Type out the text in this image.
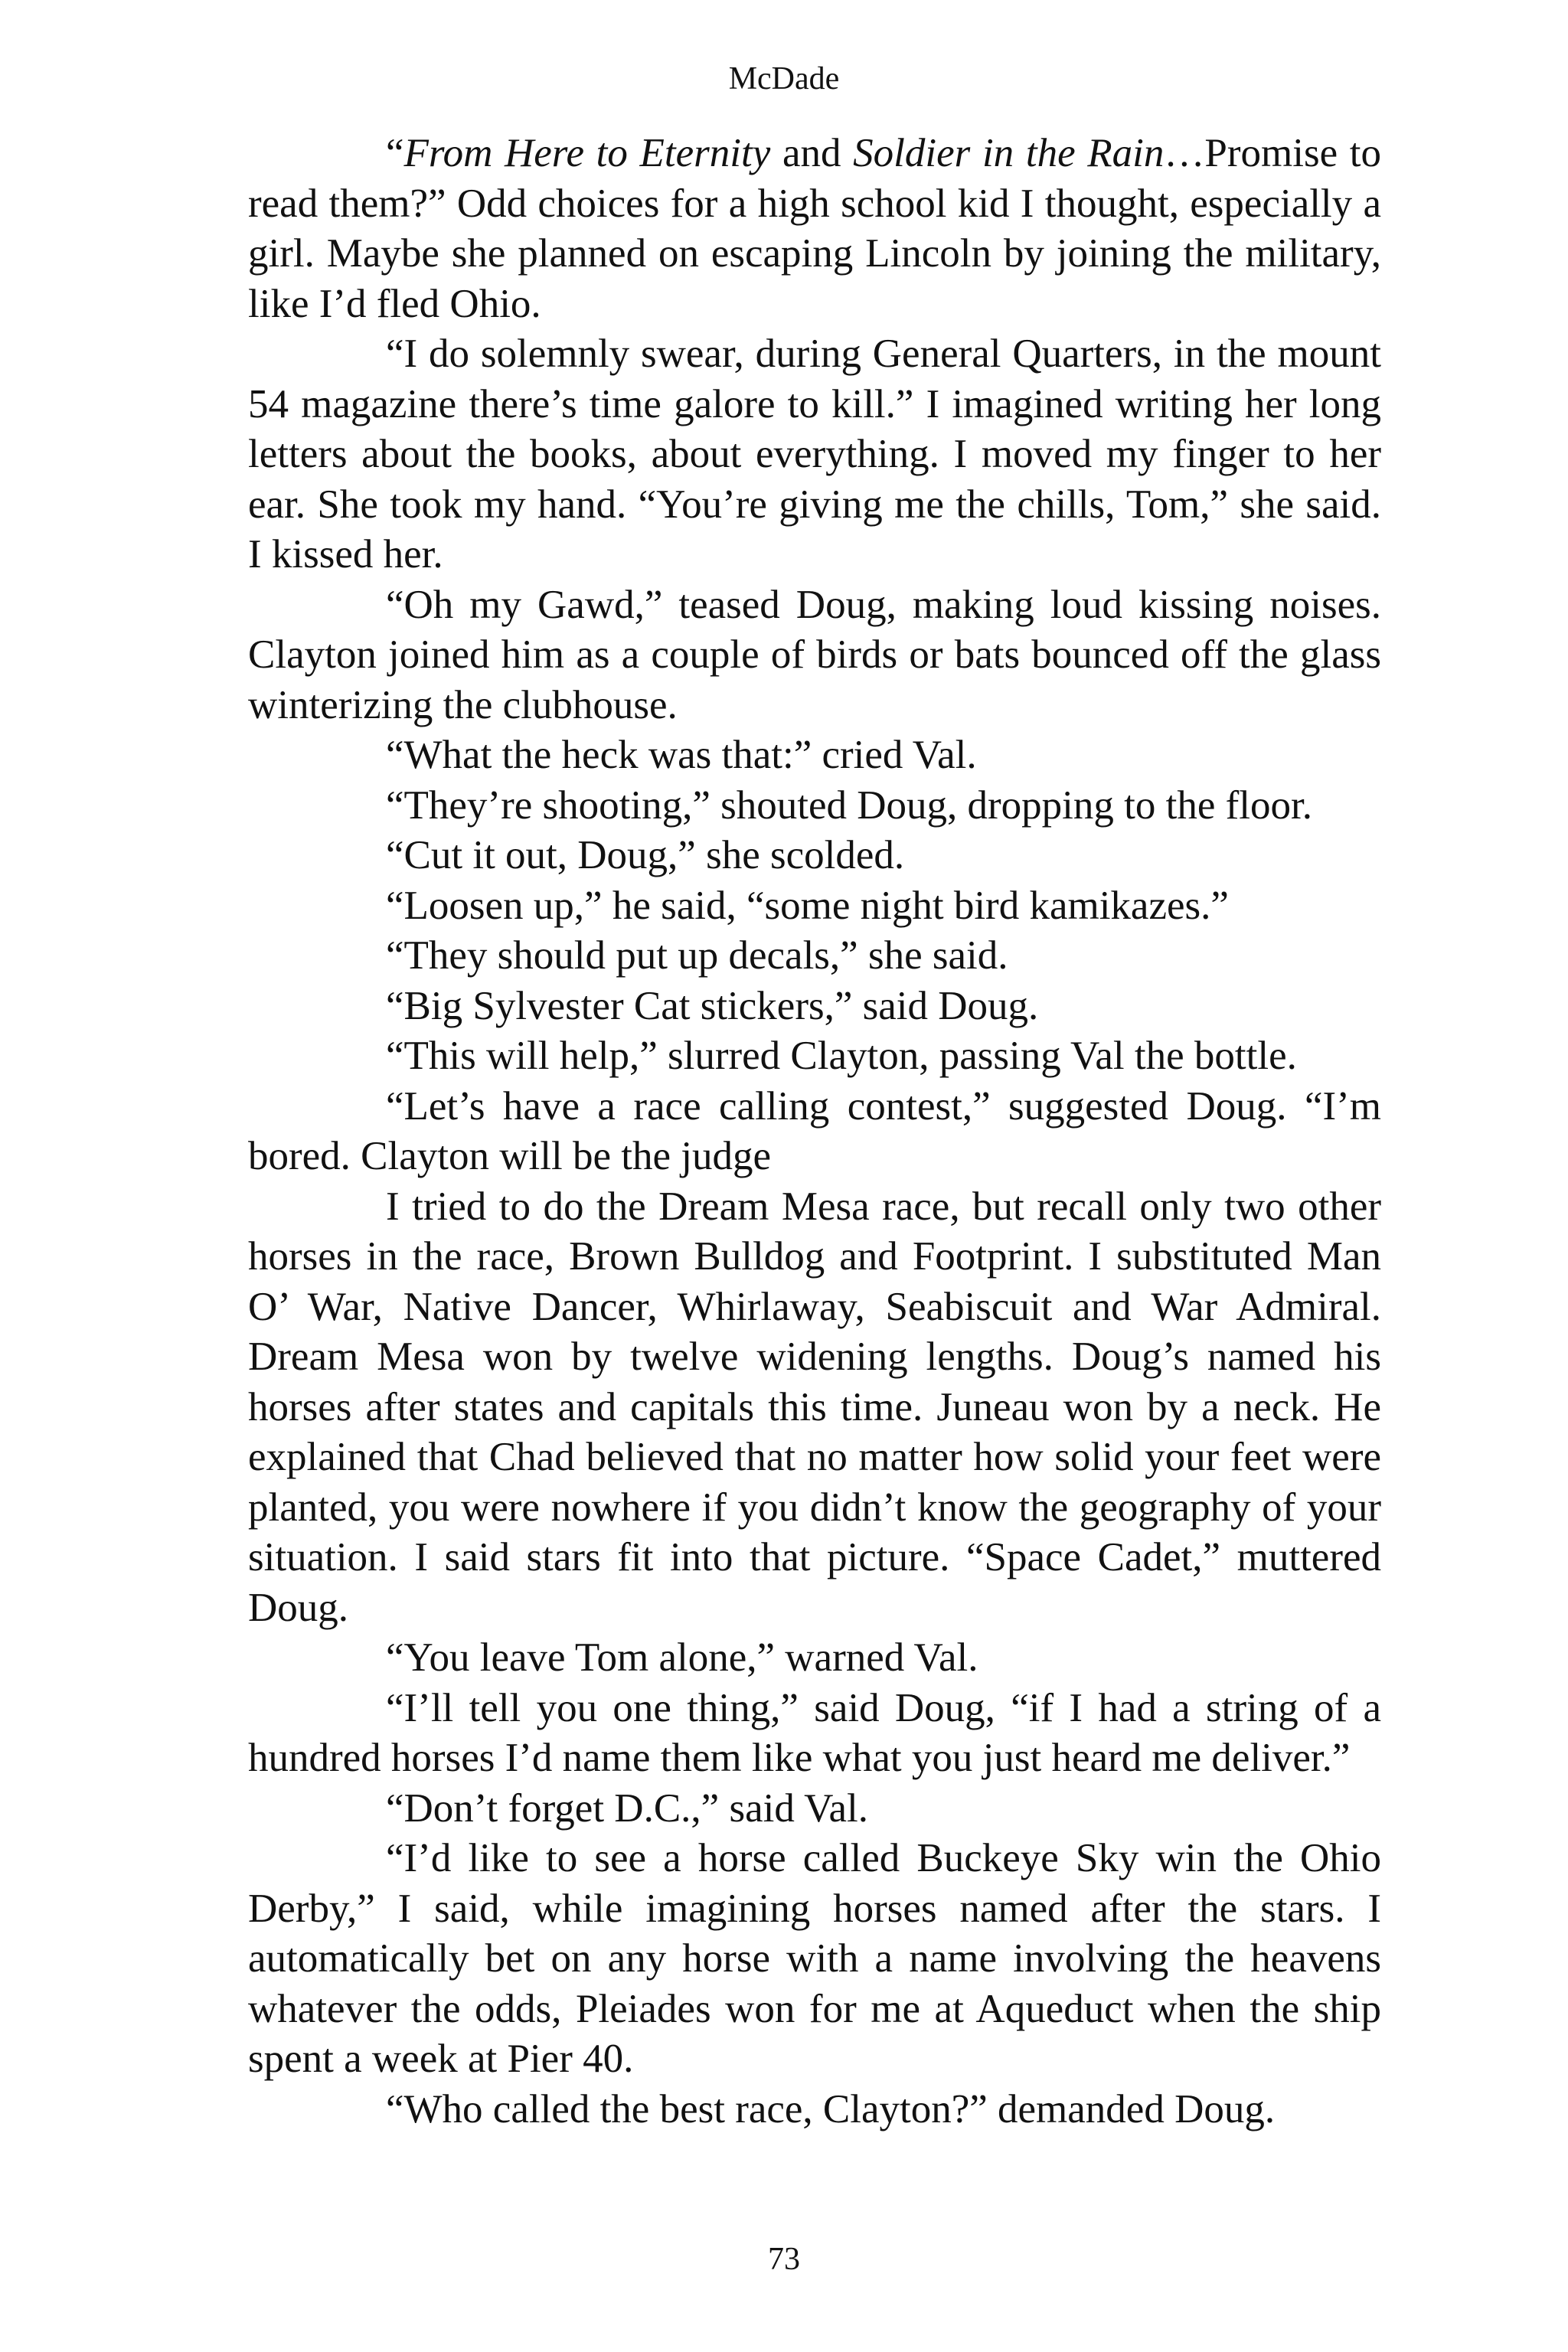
McDade

“From Here to Eternity and Soldier in the Rain…Promise to read them?” Odd choices for a high school kid I thought, especially a girl. Maybe she planned on escaping Lincoln by joining the military, like I’d fled Ohio.

“I do solemnly swear, during General Quarters, in the mount 54 magazine there’s time galore to kill.” I imagined writing her long letters about the books, about everything. I moved my finger to her ear. She took my hand. “You’re giving me the chills, Tom,” she said. I kissed her.

“Oh my Gawd,” teased Doug, making loud kissing noises. Clayton joined him as a couple of birds or bats bounced off the glass winterizing the clubhouse.

“What the heck was that:” cried Val.

“They’re shooting,” shouted Doug, dropping to the floor.

“Cut it out, Doug,” she scolded.

“Loosen up,” he said, “some night bird kamikazes.”

“They should put up decals,” she said.

“Big Sylvester Cat stickers,” said Doug.

“This will help,” slurred Clayton, passing Val the bottle.

“Let’s have a race calling contest,” suggested Doug. “I’m bored. Clayton will be the judge

I tried to do the Dream Mesa race, but recall only two other horses in the race, Brown Bulldog and Footprint. I substituted Man O’ War, Native Dancer, Whirlaway, Seabiscuit and War Admiral. Dream Mesa won by twelve widening lengths. Doug’s named his horses after states and capitals this time. Juneau won by a neck. He explained that Chad believed that no matter how solid your feet were planted, you were nowhere if you didn’t know the geography of your situation. I said stars fit into that picture. “Space Cadet,” muttered Doug.

“You leave Tom alone,” warned Val.

“I’ll tell you one thing,” said Doug, “if I had a string of a hundred horses I’d name them like what you just heard me deliver.”

“Don’t forget D.C.,” said Val.

“I’d like to see a horse called Buckeye Sky win the Ohio Derby,” I said, while imagining horses named after the stars. I automatically bet on any horse with a name involving the heavens whatever the odds, Pleiades won for me at Aqueduct when the ship spent a week at Pier 40.

“Who called the best race, Clayton?” demanded Doug.

73
